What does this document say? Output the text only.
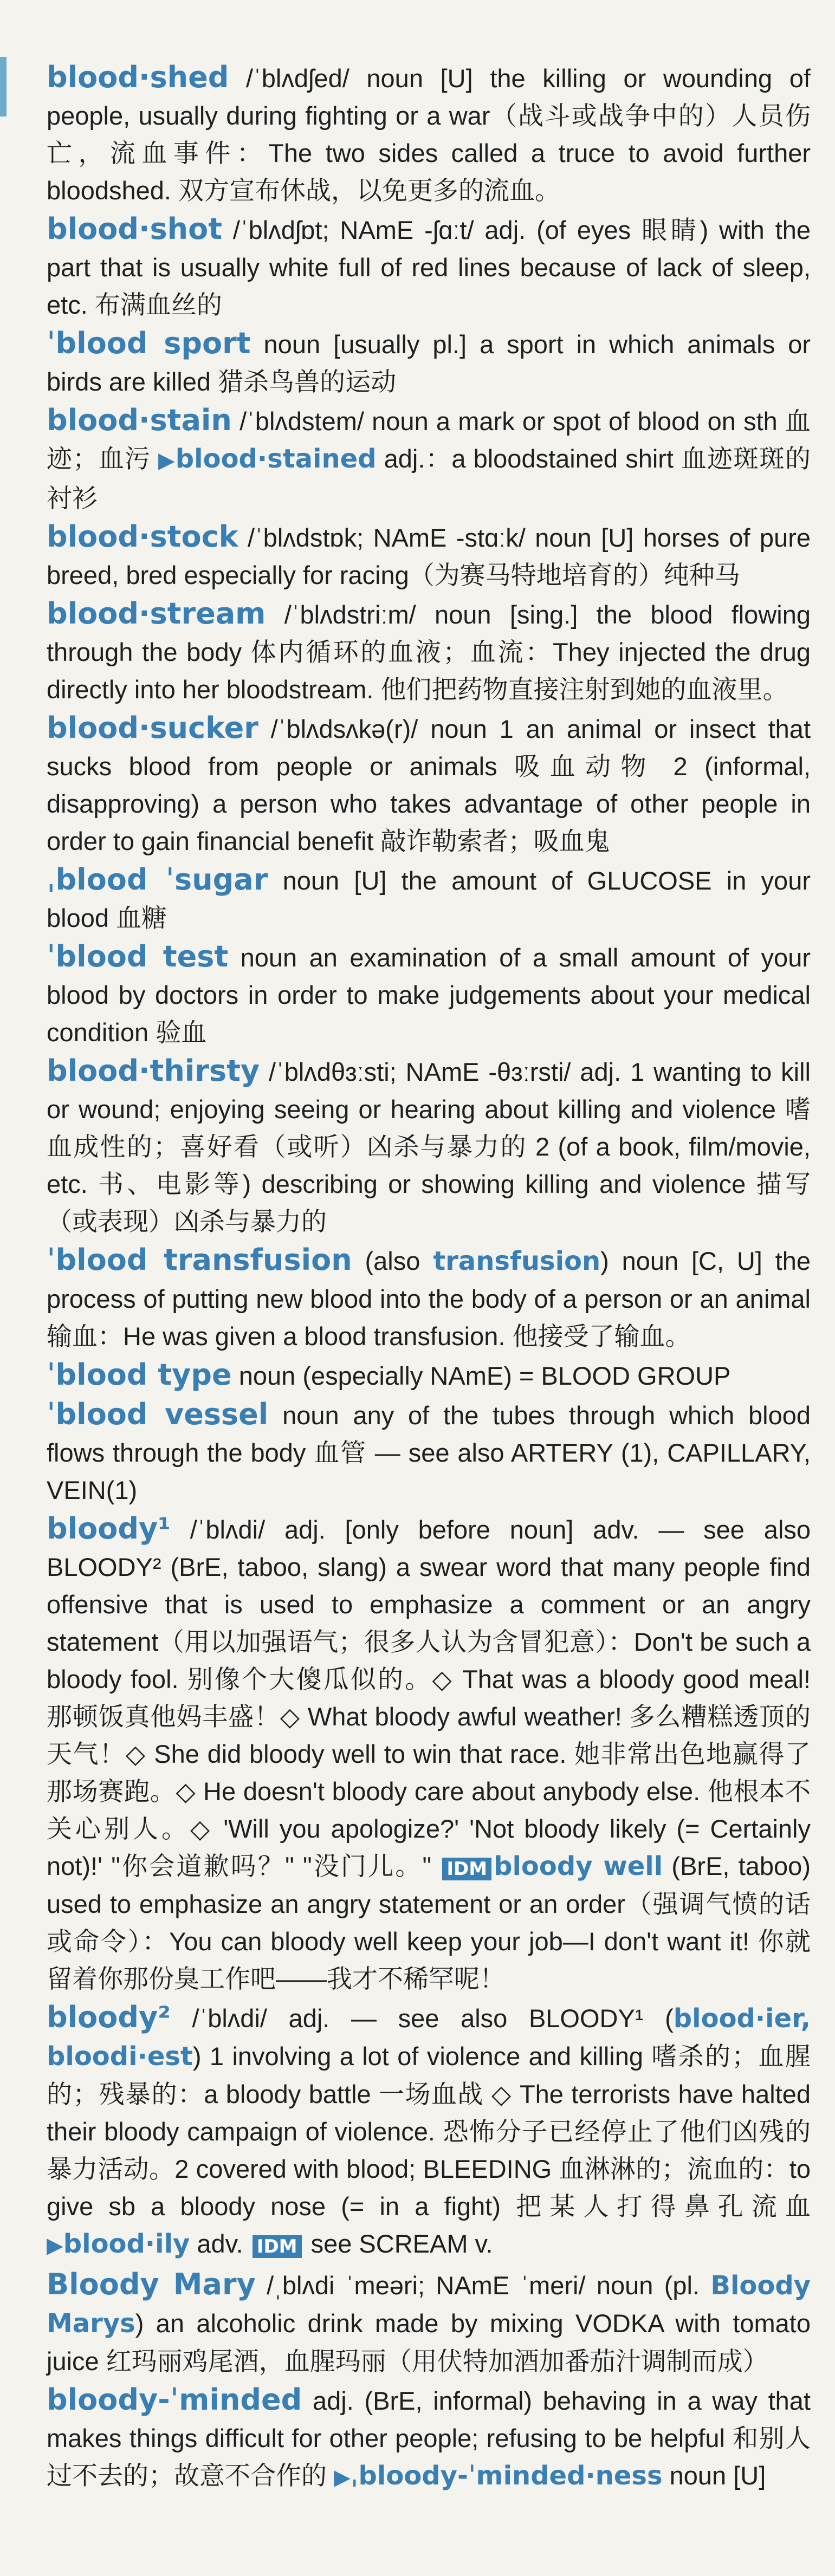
blood·shed /ˈblʌdʃed/ noun [U] the killing or wounding of people, usually during fighting or a war（战斗或战争中的）人员伤亡，流血事件：The two sides called a truce to avoid further bloodshed. 双方宣布休战，以免更多的流血。

blood·shot /ˈblʌdʃɒt; NAmE -ʃɑːt/ adj. (of eyes 眼睛) with the part that is usually white full of red lines because of lack of sleep, etc. 布满血丝的

ˈblood sport noun [usually pl.] a sport in which animals or birds are killed 猎杀鸟兽的运动

blood·stain /ˈblʌdstem/ noun a mark or spot of blood on sth 血迹；血污 ▶blood·stained adj.：a bloodstained shirt 血迹斑斑的衬衫

blood·stock /ˈblʌdstɒk; NAmE -stɑːk/ noun [U] horses of pure breed, bred especially for racing（为赛马特地培育的）纯种马

blood·stream /ˈblʌdstriːm/ noun [sing.] the blood flowing through the body 体内循环的血液；血流：They injected the drug directly into her bloodstream. 他们把药物直接注射到她的血液里。

blood·sucker /ˈblʌdsʌkə(r)/ noun 1 an animal or insect that sucks blood from people or animals 吸血动物 2 (informal, disapproving) a person who takes advantage of other people in order to gain financial benefit 敲诈勒索者；吸血鬼

ˌblood ˈsugar noun [U] the amount of GLUCOSE in your blood 血糖

ˈblood test noun an examination of a small amount of your blood by doctors in order to make judgements about your medical condition 验血

blood·thirsty /ˈblʌdθɜːsti; NAmE -θɜːrsti/ adj. 1 wanting to kill or wound; enjoying seeing or hearing about killing and violence 嗜血成性的；喜好看（或听）凶杀与暴力的 2 (of a book, film/movie, etc. 书、电影等) describing or showing killing and violence 描写（或表现）凶杀与暴力的

ˈblood transfusion (also transfusion) noun [C, U] the process of putting new blood into the body of a person or an animal 输血：He was given a blood transfusion. 他接受了输血。

ˈblood type noun (especially NAmE) = BLOOD GROUP

ˈblood vessel noun any of the tubes through which blood flows through the body 血管 — see also ARTERY (1), CAPILLARY, VEIN(1)

bloody¹ /ˈblʌdi/ adj. [only before noun] adv. — see also BLOODY² (BrE, taboo, slang) a swear word that many people find offensive that is used to emphasize a comment or an angry statement（用以加强语气；很多人认为含冒犯意）：Don't be such a bloody fool. 别像个大傻瓜似的。◇ That was a bloody good meal! 那顿饭真他妈丰盛！◇ What bloody awful weather! 多么糟糕透顶的天气！◇ She did bloody well to win that race. 她非常出色地赢得了那场赛跑。◇ He doesn't bloody care about anybody else. 他根本不关心别人。◇ 'Will you apologize?' 'Not bloody likely (= Certainly not)!' "你会道歉吗？" "没门儿。" IDM bloody well (BrE, taboo) used to emphasize an angry statement or an order（强调气愤的话或命令）：You can bloody well keep your job—I don't want it! 你就留着你那份臭工作吧——我才不稀罕呢！

bloody² /ˈblʌdi/ adj. — see also BLOODY¹ (blood·ier, bloodi·est) 1 involving a lot of violence and killing 嗜杀的；血腥的；残暴的：a bloody battle 一场血战 ◇ The terrorists have halted their bloody campaign of violence. 恐怖分子已经停止了他们凶残的暴力活动。2 covered with blood; BLEEDING 血淋淋的；流血的：to give sb a bloody nose (= in a fight) 把某人打得鼻孔流血 ▶blood·ily adv. IDM see SCREAM v.

Bloody Mary /ˌblʌdi ˈmeəri; NAmE ˈmeri/ noun (pl. Bloody Marys) an alcoholic drink made by mixing VODKA with tomato juice 红玛丽鸡尾酒，血腥玛丽（用伏特加酒加番茄汁调制而成）

bloody-ˈminded adj. (BrE, informal) behaving in a way that makes things difficult for other people; refusing to be helpful 和别人过不去的；故意不合作的 ▶ˌbloody-ˈminded·ness noun [U]
